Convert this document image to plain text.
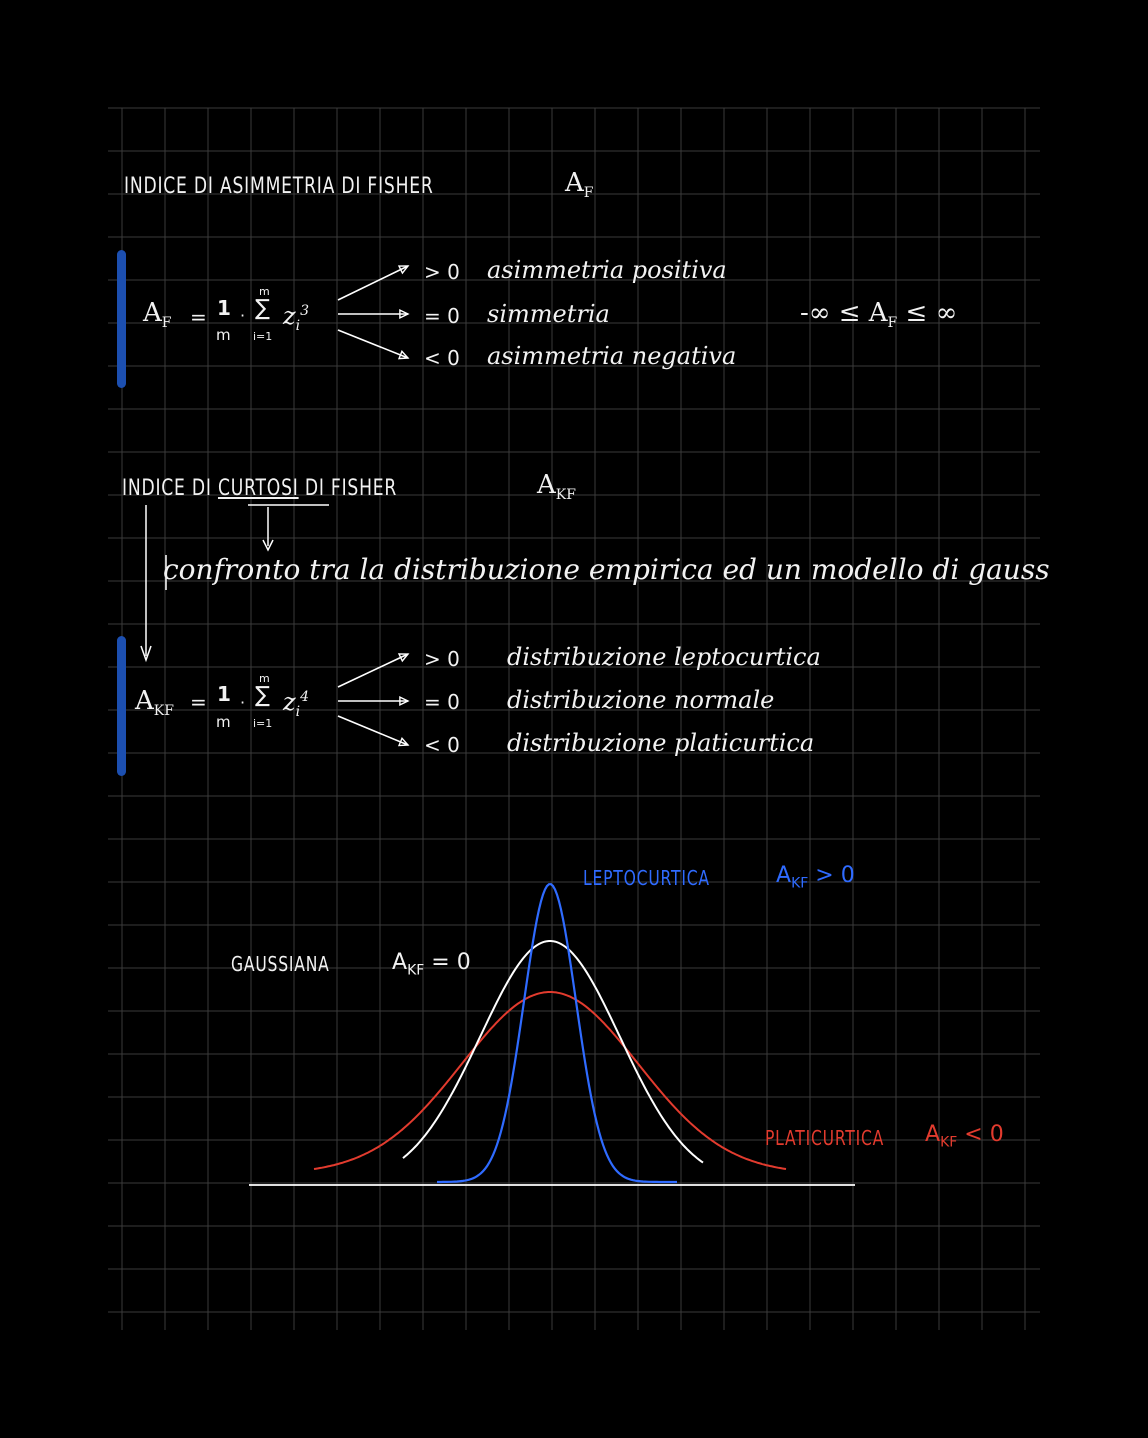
INDICE DI ASIMMETRIA DI FISHER	$A_F$
$A_F = 1$
m
·
m
∑
i=1
$z_i^3$
> 0 asimmetria positiva
= 0 simmetria
< 0 asimmetria negativa
-∞ ≤ $A_F$ ≤ ∞
INDICE DI CURTOSI DI FISHER	$A_{KF}$
confronto tra la distribuzione empirica ed un modello di gauss
$A_{KF} = 1$
m
·
m
∑
i=1
$z_i^4$
> 0 distribuzione leptocurtica
= 0 distribuzione normale
< 0 distribuzione platicurtica
LEPTOCURTICA	$A_{KF} > 0$
GAUSSIANA	$A_{KF} = 0$
PLATICURTICA $A_{KF} < 0$
